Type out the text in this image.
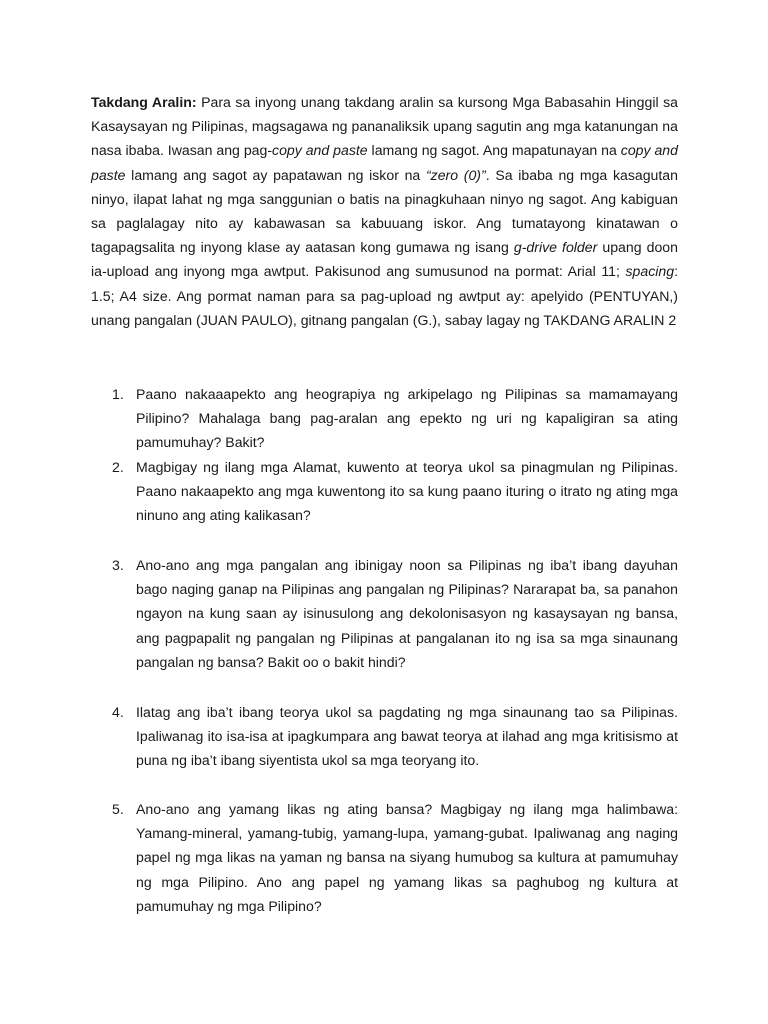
Takdang Aralin: Para sa inyong unang takdang aralin sa kursong Mga Babasahin Hinggil sa Kasaysayan ng Pilipinas, magsagawa ng pananaliksik upang sagutin ang mga katanungan na nasa ibaba. Iwasan ang pag-copy and paste lamang ng sagot. Ang mapatunayan na copy and paste lamang ang sagot ay papatawan ng iskor na “zero (0)”. Sa ibaba ng mga kasagutan ninyo, ilapat lahat ng mga sanggunian o batis na pinagkuhaan ninyo ng sagot. Ang kabiguan sa paglalagay nito ay kabawasan sa kabuuang iskor. Ang tumatayong kinatawan o tagapagsalita ng inyong klase ay aatasan kong gumawa ng isang g-drive folder upang doon ia-upload ang inyong mga awtput. Pakisunod ang sumusunod na pormat: Arial 11; spacing: 1.5; A4 size. Ang pormat naman para sa pag-upload ng awtput ay: apelyido (PENTUYAN,) unang pangalan (JUAN PAULO), gitnang pangalan (G.), sabay lagay ng TAKDANG ARALIN 2

1. Paano nakaaapekto ang heograpiya ng arkipelago ng Pilipinas sa mamamayang Pilipino? Mahalaga bang pag-aralan ang epekto ng uri ng kapaligiran sa ating pamumuhay? Bakit?
2. Magbigay ng ilang mga Alamat, kuwento at teorya ukol sa pinagmulan ng Pilipinas. Paano nakaapekto ang mga kuwentong ito sa kung paano ituring o itrato ng ating mga ninuno ang ating kalikasan?
3. Ano-ano ang mga pangalan ang ibinigay noon sa Pilipinas ng iba’t ibang dayuhan bago naging ganap na Pilipinas ang pangalan ng Pilipinas? Nararapat ba, sa panahon ngayon na kung saan ay isinusulong ang dekolonisasyon ng kasaysayan ng bansa, ang pagpapalit ng pangalan ng Pilipinas at pangalanan ito ng isa sa mga sinaunang pangalan ng bansa? Bakit oo o bakit hindi?
4. Ilatag ang iba’t ibang teorya ukol sa pagdating ng mga sinaunang tao sa Pilipinas. Ipaliwanag ito isa-isa at ipagkumpara ang bawat teorya at ilahad ang mga kritisismo at puna ng iba’t ibang siyentista ukol sa mga teoryang ito.
5. Ano-ano ang yamang likas ng ating bansa? Magbigay ng ilang mga halimbawa: Yamang-mineral, yamang-tubig, yamang-lupa, yamang-gubat. Ipaliwanag ang naging papel ng mga likas na yaman ng bansa na siyang humubog sa kultura at pamumuhay ng mga Pilipino. Ano ang papel ng yamang likas sa paghubog ng kultura at pamumuhay ng mga Pilipino?
